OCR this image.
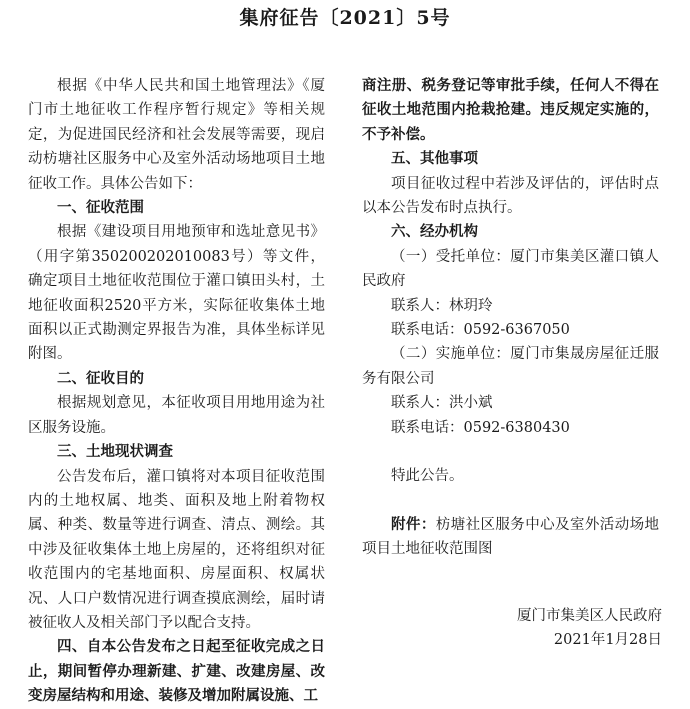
集府征告〔2021〕5号

根据《中华人民共和国土地管理法》《厦门市土地征收工作程序暂行规定》等相关规定，为促进国民经济和社会发展等需要，现启动枋塘社区服务中心及室外活动场地项目土地征收工作。具体公告如下：

一、征收范围

根据《建设项目用地预审和选址意见书》（用字第350200202010083号）等文件，确定项目土地征收范围位于灌口镇田头村，土地征收面积2520平方米，实际征收集体土地面积以正式勘测定界报告为准，具体坐标详见附图。

二、征收目的

根据规划意见，本征收项目用地用途为社区服务设施。

三、土地现状调查

公告发布后，灌口镇将对本项目征收范围内的土地权属、地类、面积及地上附着物权属、种类、数量等进行调查、清点、测绘。其中涉及征收集体土地上房屋的，还将组织对征收范围内的宅基地面积、房屋面积、权属状况、人口户数情况进行调查摸底测绘，届时请被征收人及相关部门予以配合支持。

四、自本公告发布之日起至征收完成之日止，期间暂停办理新建、扩建、改建房屋、改变房屋结构和用途、装修及增加附属设施、工

商注册、税务登记等审批手续，任何人不得在征收土地范围内抢栽抢建。违反规定实施的，不予补偿。

五、其他事项

项目征收过程中若涉及评估的，评估时点以本公告发布时点执行。

六、经办机构

（一）受托单位：厦门市集美区灌口镇人民政府

联系人：林玥玲

联系电话：0592-6367050

（二）实施单位：厦门市集晟房屋征迁服务有限公司

联系人：洪小斌

联系电话：0592-6380430

特此公告。

附件：枋塘社区服务中心及室外活动场地项目土地征收范围图

厦门市集美区人民政府
2021年1月28日
